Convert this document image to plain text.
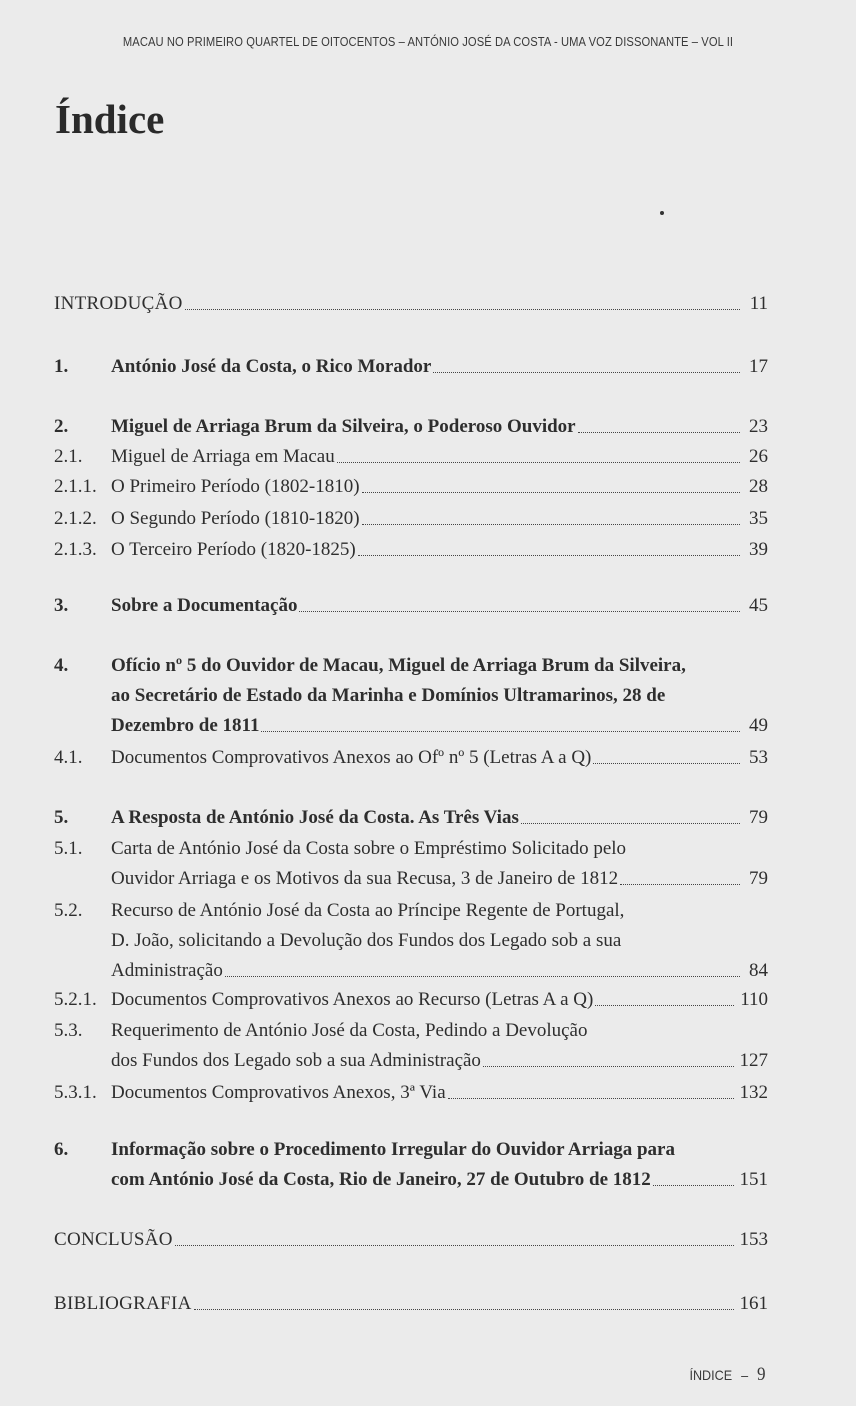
MACAU NO PRIMEIRO QUARTEL DE OITOCENTOS – ANTÓNIO JOSÉ DA COSTA - UMA VOZ DISSONANTE – VOL II
Índice
INTRODUÇÃO	11
1.	António José da Costa, o Rico Morador	17
2.	Miguel de Arriaga Brum da Silveira, o Poderoso Ouvidor	23
2.1.	Miguel de Arriaga em Macau	26
2.1.1. O Primeiro Período (1802-1810)	28
2.1.2. O Segundo Período (1810-1820)	35
2.1.3. O Terceiro Período (1820-1825)	39
3.	Sobre a Documentação	45
4.	Ofício nº 5 do Ouvidor de Macau, Miguel de Arriaga Brum da Silveira,
ao Secretário de Estado da Marinha e Domínios Ultramarinos, 28 de
Dezembro de 1811	49
4.1.	Documentos Comprovativos Anexos ao Ofº nº 5 (Letras A a Q)	53
5.	A Resposta de António José da Costa. As Três Vias	79
5.1.	Carta de António José da Costa sobre o Empréstimo Solicitado pelo
Ouvidor Arriaga e os Motivos da sua Recusa, 3 de Janeiro de 1812	79
5.2.	Recurso de António José da Costa ao Príncipe Regente de Portugal,
D. João, solicitando a Devolução dos Fundos dos Legado sob a sua
Administração	84
5.2.1. Documentos Comprovativos Anexos ao Recurso (Letras A a Q)	110
5.3.	Requerimento de António José da Costa, Pedindo a Devolução
dos Fundos dos Legado sob a sua Administração	127
5.3.1. Documentos Comprovativos Anexos, 3ª Via	132
6.	Informação sobre o Procedimento Irregular do Ouvidor Arriaga para
com António José da Costa, Rio de Janeiro, 27 de Outubro de 1812	151
CONCLUSÃO	153
BIBLIOGRAFIA	161
ÍNDICE – 9
